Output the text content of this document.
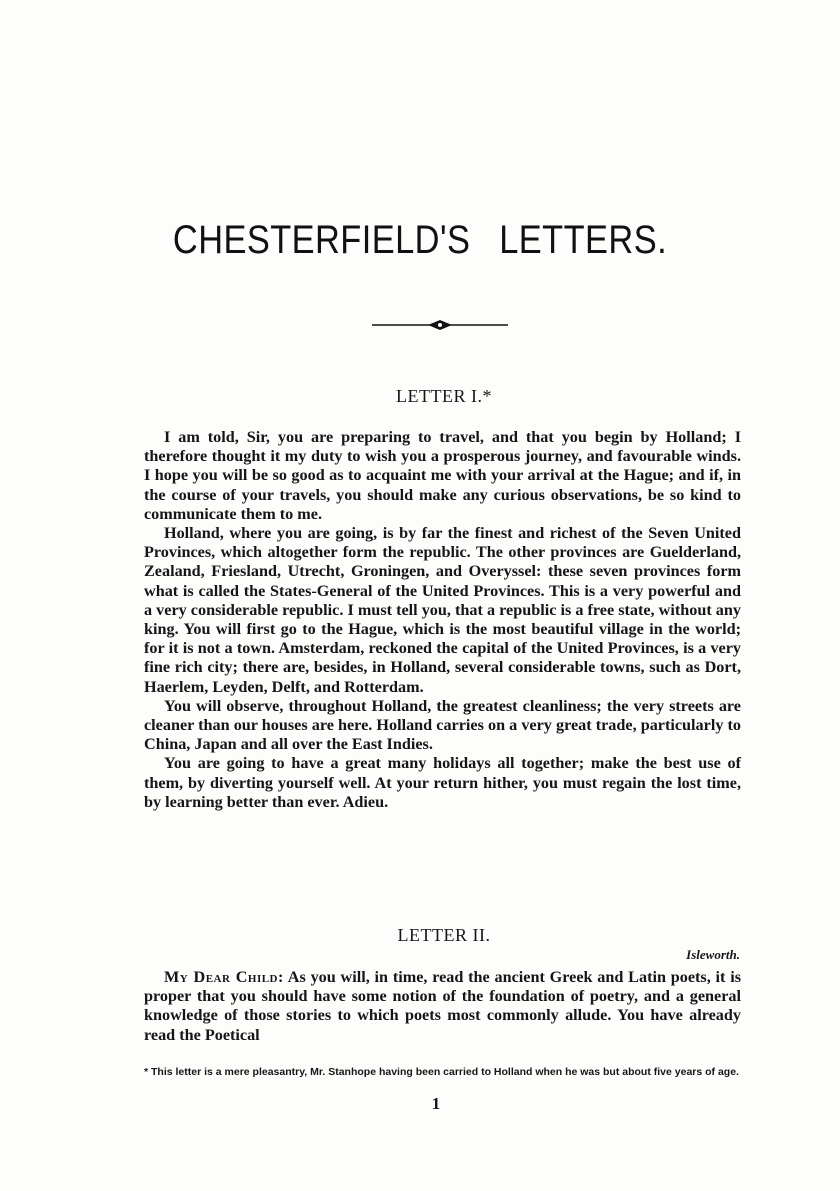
CHESTERFIELD'S LETTERS.
LETTER I.*

I am told, Sir, you are preparing to travel, and that you begin by Holland; I therefore thought it my duty to wish you a prosperous journey, and favourable winds. I hope you will be so good as to acquaint me with your arrival at the Hague; and if, in the course of your travels, you should make any curious observations, be so kind to communicate them to me.

Holland, where you are going, is by far the finest and richest of the Seven United Provinces, which altogether form the republic. The other provinces are Guelderland, Zealand, Friesland, Utrecht, Groningen, and Overyssel: these seven provinces form what is called the States-General of the United Provinces. This is a very powerful and a very considerable republic. I must tell you, that a republic is a free state, without any king. You will first go to the Hague, which is the most beautiful village in the world; for it is not a town. Amsterdam, reckoned the capital of the United Provinces, is a very fine rich city; there are, besides, in Holland, several considerable towns, such as Dort, Haerlem, Leyden, Delft, and Rotterdam.

You will observe, throughout Holland, the greatest cleanliness; the very streets are cleaner than our houses are here. Holland carries on a very great trade, particularly to China, Japan and all over the East Indies.

You are going to have a great many holidays all together; make the best use of them, by diverting yourself well. At your return hither, you must regain the lost time, by learning better than ever. Adieu.

LETTER II.
Isleworth.

My Dear Child: As you will, in time, read the ancient Greek and Latin poets, it is proper that you should have some notion of the foundation of poetry, and a general knowledge of those stories to which poets most commonly allude. You have already read the Poetical

* This letter is a mere pleasantry, Mr. Stanhope having been carried to Holland when he was but about five years of age.
1
